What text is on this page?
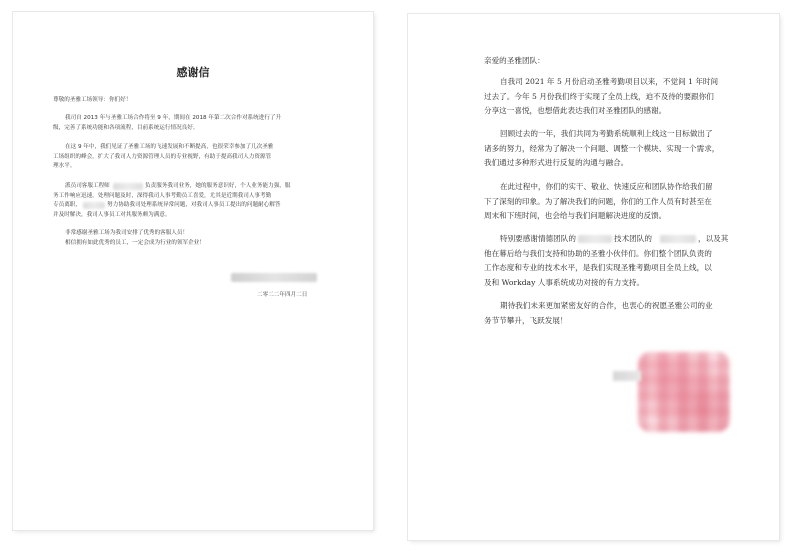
感谢信
尊敬的圣雅工场领导：你们好！
我司自 2013 年与圣雅工场合作将至 9 年，期间在 2018 年第二次合作对系统进行了升
级，完善了系统功能和各项流程，目前系统运行情况良好。
在这 9 年中，我们见证了圣雅工场的飞速发展和不断提高，也很荣幸参加了几次圣雅
工场组织的峰会，扩大了我司人力资源管理人员的专业视野，有助于提高我司人力资源管
理水平。
派员司客服工程师	负责服务我司业务，她的服务意识好，个人业务能力强，服
务工作响应迅速，处理问题及时，深得我司人事考勤员工喜爱，尤其是近期我司人事考勤
专员离职，	努力协助我司处理系统异常问题，对我司人事员工提出的问题耐心解答
并及时解决，我司人事员工对其服务颇为满意。
非常感谢圣雅工场为我司安排了优秀的客服人员！
相信拥有如此优秀的员工，一定会成为行业的领军企业！
二零二二年四月二日
亲爱的圣雅团队：
自我司 2021 年 5 月份启动圣雅考勤项目以来，不觉间 1 年时间
过去了。今年 5 月份我们终于实现了全员上线，迫不及待的要跟你们
分享这一喜悦，也想借此表达我们对圣雅团队的感谢。
回顾过去的一年，我们共同为考勤系统顺利上线这一目标做出了
诸多的努力，经常为了解决一个问题、调整一个模块、实现一个需求，
我们通过多种形式进行反复的沟通与融合。
在此过程中，你们的实干、敬业、快速反应和团队协作给我们留
下了深刻的印象。为了解决我们的问题，你们的工作人员有时甚至在
周末和下班时间，也会给与我们问题解决进度的反馈。
特别要感谢情德团队的	技术团队的	，以及其
他在幕后给与我们支持和协助的圣雅小伙伴们。你们整个团队负责的
工作态度和专业的技术水平，是我们实现圣雅考勤项目全员上线，以
及和 Workday 人事系统成功对接的有力支持。
期待我们未来更加紧密友好的合作，也衷心的祝愿圣雅公司的业
务节节攀升，飞跃发展！
